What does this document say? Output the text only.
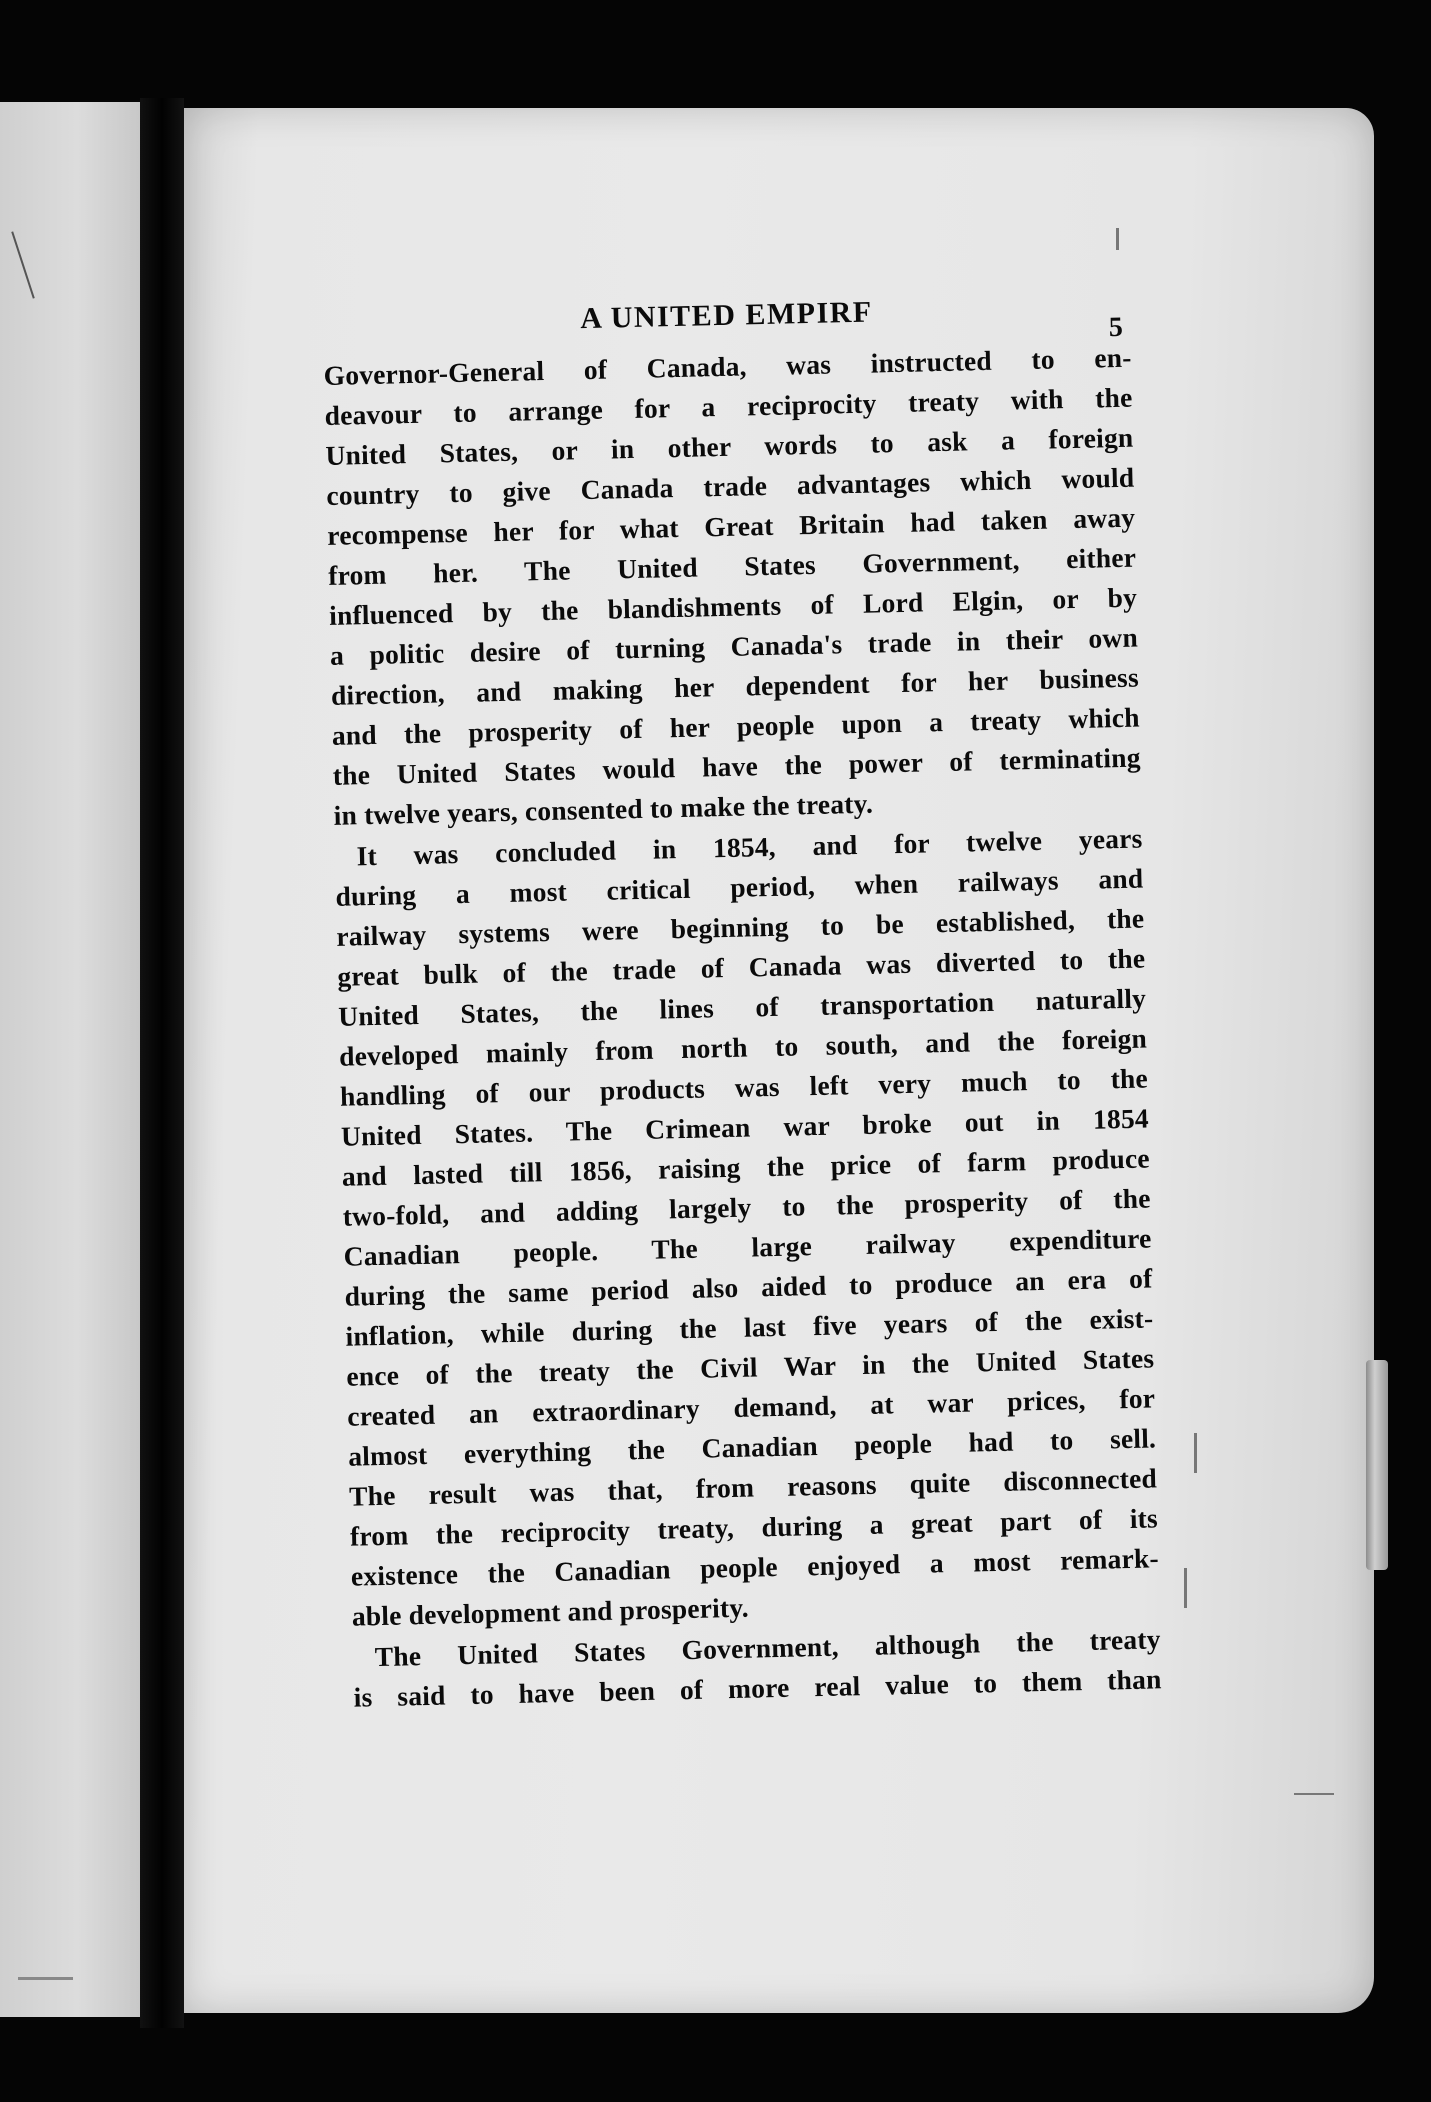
A UNITED EMPIRF	5

Governor-General of Canada, was instructed to en-
deavour to arrange for a reciprocity treaty with the
United States, or in other words to ask a foreign
country to give Canada trade advantages which would
recompense her for what Great Britain had taken away
from her. The United States Government, either
influenced by the blandishments of Lord Elgin, or by
a politic desire of turning Canada's trade in their own
direction, and making her dependent for her business
and the prosperity of her people upon a treaty which
the United States would have the power of terminating
in twelve years, consented to make the treaty.

It was concluded in 1854, and for twelve years
during a most critical period, when railways and
railway systems were beginning to be established, the
great bulk of the trade of Canada was diverted to the
United States, the lines of transportation naturally
developed mainly from north to south, and the foreign
handling of our products was left very much to the
United States. The Crimean war broke out in 1854
and lasted till 1856, raising the price of farm produce
two-fold, and adding largely to the prosperity of the
Canadian people. The large railway expenditure
during the same period also aided to produce an era of
inflation, while during the last five years of the exist-
ence of the treaty the Civil War in the United States
created an extraordinary demand, at war prices, for
almost everything the Canadian people had to sell.
The result was that, from reasons quite disconnected
from the reciprocity treaty, during a great part of its
existence the Canadian people enjoyed a most remark-
able development and prosperity.

The United States Government, although the treaty
is said to have been of more real value to them than
